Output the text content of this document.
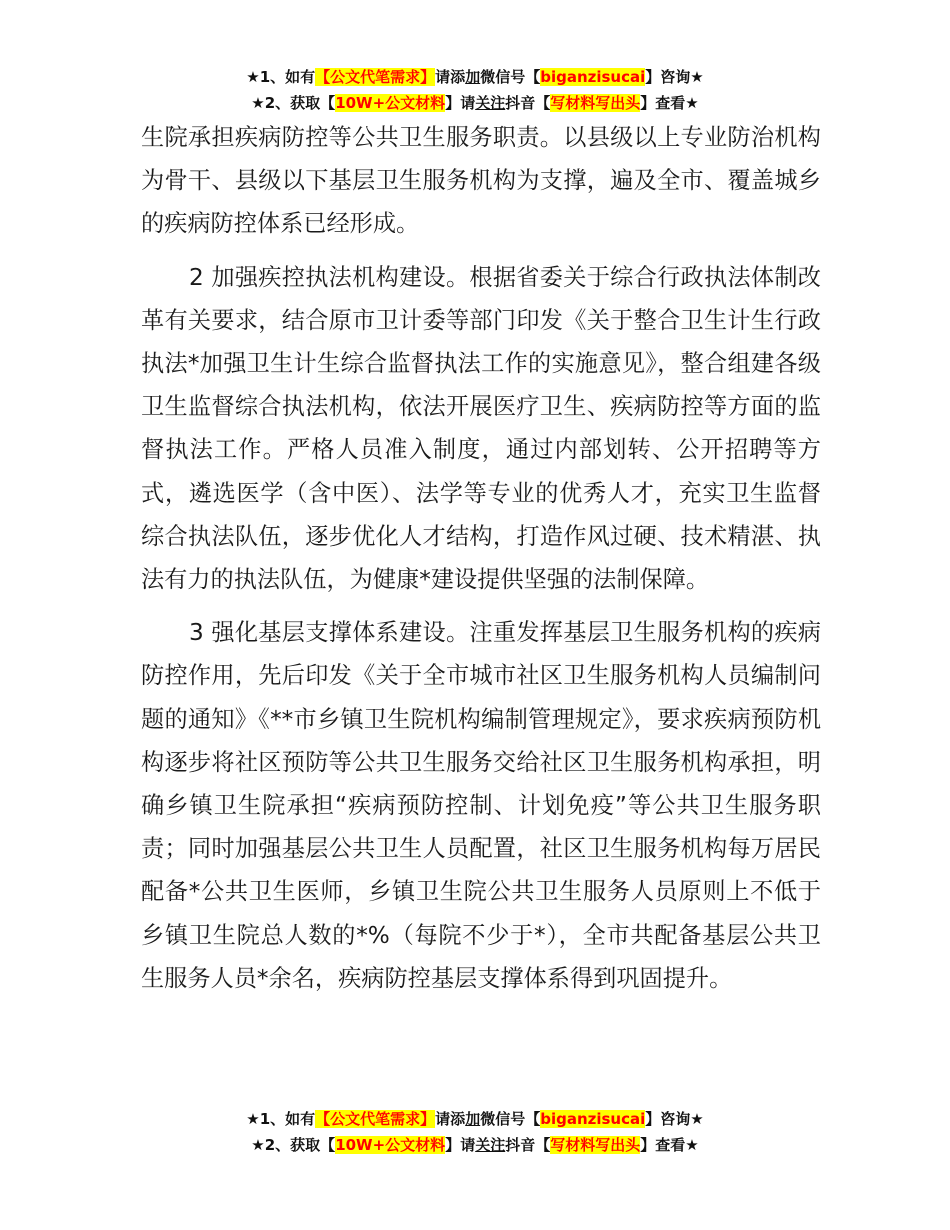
★1、如有【公文代笔需求】请添加微信号【biganzisucai】咨询★
★2、获取【10W+公文材料】请关注抖音【写材料写出头】查看★

生院承担疾病防控等公共卫生服务职责。以县级以上专业防治机构为骨干、县级以下基层卫生服务机构为支撑，遍及全市、覆盖城乡的疾病防控体系已经形成。

2 加强疾控执法机构建设。根据省委关于综合行政执法体制改革有关要求，结合原市卫计委等部门印发《关于整合卫生计生行政执法*加强卫生计生综合监督执法工作的实施意见》，整合组建各级卫生监督综合执法机构，依法开展医疗卫生、疾病防控等方面的监督执法工作。严格人员准入制度，通过内部划转、公开招聘等方式，遴选医学（含中医）、法学等专业的优秀人才，充实卫生监督综合执法队伍，逐步优化人才结构，打造作风过硬、技术精湛、执法有力的执法队伍，为健康*建设提供坚强的法制保障。

3 强化基层支撑体系建设。注重发挥基层卫生服务机构的疾病防控作用，先后印发《关于全市城市社区卫生服务机构人员编制问题的通知》《**市乡镇卫生院机构编制管理规定》，要求疾病预防机构逐步将社区预防等公共卫生服务交给社区卫生服务机构承担，明确乡镇卫生院承担“疾病预防控制、计划免疫”等公共卫生服务职责；同时加强基层公共卫生人员配置，社区卫生服务机构每万居民配备*公共卫生医师，乡镇卫生院公共卫生服务人员原则上不低于乡镇卫生院总人数的*%（每院不少于*），全市共配备基层公共卫生服务人员*余名，疾病防控基层支撑体系得到巩固提升。

★1、如有【公文代笔需求】请添加微信号【biganzisucai】咨询★
★2、获取【10W+公文材料】请关注抖音【写材料写出头】查看★
